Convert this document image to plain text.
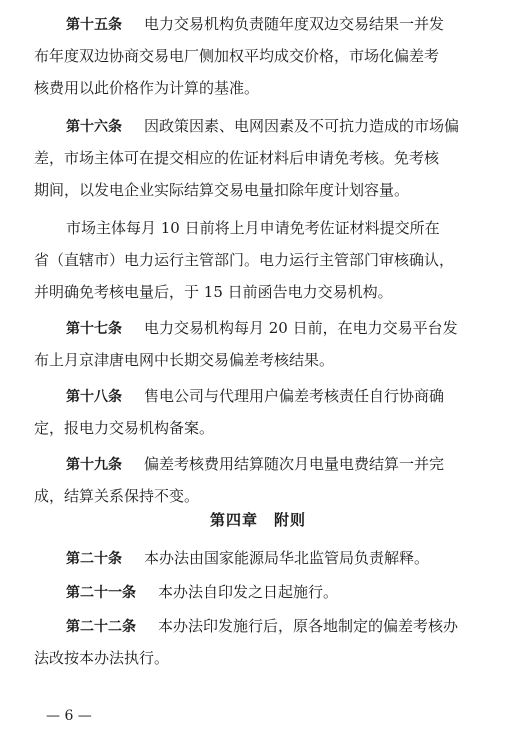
第十五条 电力交易机构负责随年度双边交易结果一并发
布年度双边协商交易电厂侧加权平均成交价格，市场化偏差考
核费用以此价格作为计算的基准。
第十六条 因政策因素、电网因素及不可抗力造成的市场偏
差，市场主体可在提交相应的佐证材料后申请免考核。免考核
期间，以发电企业实际结算交易电量扣除年度计划容量。
市场主体每月 10 日前将上月申请免考佐证材料提交所在
省（直辖市）电力运行主管部门。电力运行主管部门审核确认，
并明确免考核电量后，于 15 日前函告电力交易机构。
第十七条 电力交易机构每月 20 日前，在电力交易平台发
布上月京津唐电网中长期交易偏差考核结果。
第十八条 售电公司与代理用户偏差考核责任自行协商确
定，报电力交易机构备案。
第十九条 偏差考核费用结算随次月电量电费结算一并完
成，结算关系保持不变。
第四章　附则
第二十条 本办法由国家能源局华北监管局负责解释。
第二十一条 本办法自印发之日起施行。
第二十二条 本办法印发施行后，原各地制定的偏差考核办
法改按本办法执行。
— 6 —
